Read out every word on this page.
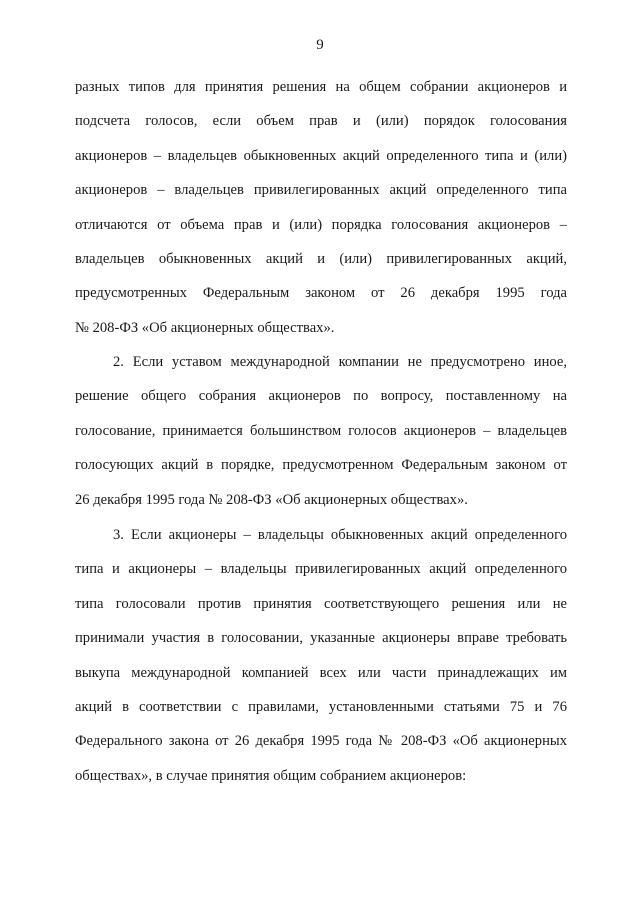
9
разных типов для принятия решения на общем собрании акционеров и
подсчета голосов, если объем прав и (или) порядок голосования
акционеров – владельцев обыкновенных акций определенного типа и (или)
акционеров – владельцев привилегированных акций определенного типа
отличаются от объема прав и (или) порядка голосования акционеров –
владельцев обыкновенных акций и (или) привилегированных акций,
предусмотренных Федеральным законом от 26 декабря 1995 года
№ 208-ФЗ «Об акционерных обществах».
2. Если уставом международной компании не предусмотрено иное,
решение общего собрания акционеров по вопросу, поставленному на
голосование, принимается большинством голосов акционеров – владельцев
голосующих акций в порядке, предусмотренном Федеральным законом от
26 декабря 1995 года № 208-ФЗ «Об акционерных обществах».
3. Если акционеры – владельцы обыкновенных акций определенного
типа и акционеры – владельцы привилегированных акций определенного
типа голосовали против принятия соответствующего решения или не
принимали участия в голосовании, указанные акционеры вправе требовать
выкупа международной компанией всех или части принадлежащих им
акций в соответствии с правилами, установленными статьями 75 и 76
Федерального закона от 26 декабря 1995 года № 208-ФЗ «Об акционерных
обществах», в случае принятия общим собранием акционеров:
